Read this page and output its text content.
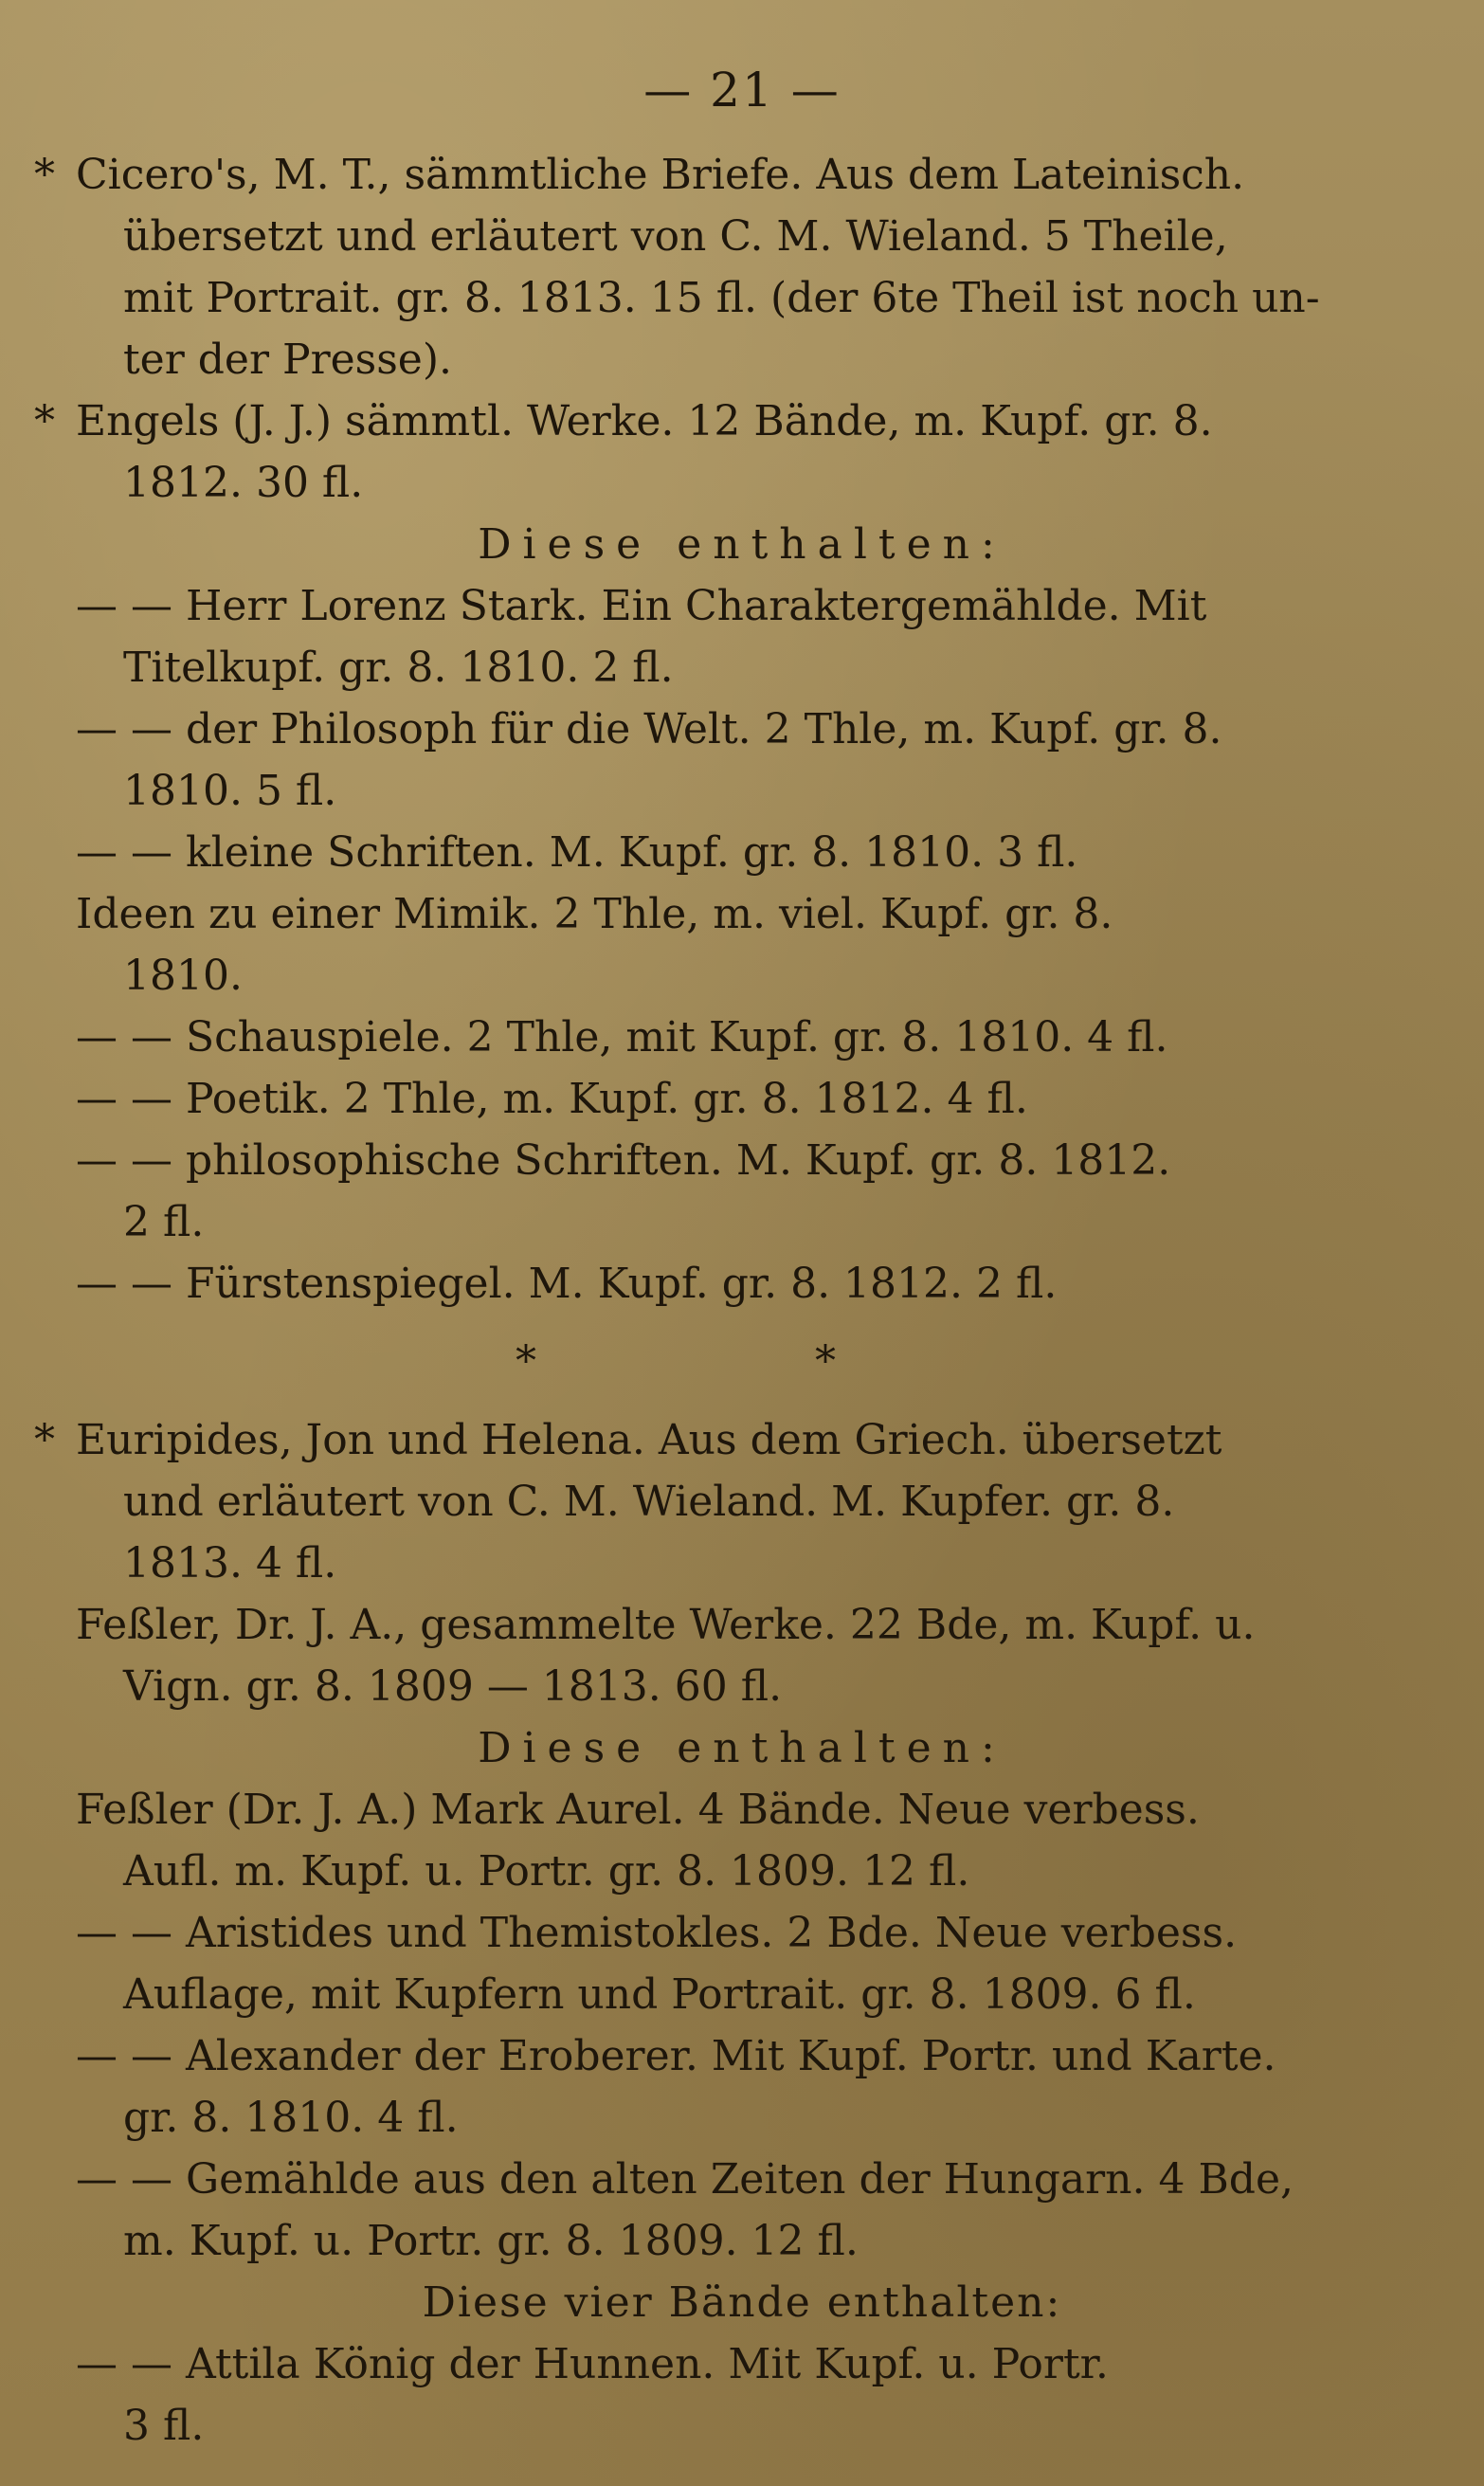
— 21 —
* Cicero's, M. T., sämmtliche Briefe. Aus dem Lateinisch.
übersetzt und erläutert von C. M. Wieland. 5 Theile,
mit Portrait. gr. 8. 1813. 15 fl. (der 6te Theil ist noch un-
ter der Presse).
* Engels (J. J.) sämmtl. Werke. 12 Bände, m. Kupf. gr. 8.
1812. 30 fl.
Diese enthalten:
— — Herr Lorenz Stark. Ein Charaktergemählde. Mit
Titelkupf. gr. 8. 1810. 2 fl.
— — der Philosoph für die Welt. 2 Thle, m. Kupf. gr. 8.
1810. 5 fl.
— — kleine Schriften. M. Kupf. gr. 8. 1810. 3 fl.
Ideen zu einer Mimik. 2 Thle, m. viel. Kupf. gr. 8.
1810.
— — Schauspiele. 2 Thle, mit Kupf. gr. 8. 1810. 4 fl.
— — Poetik. 2 Thle, m. Kupf. gr. 8. 1812. 4 fl.
— — philosophische Schriften. M. Kupf. gr. 8. 1812.
2 fl.
— — Fürstenspiegel. M. Kupf. gr. 8. 1812. 2 fl.
* *
* Euripides, Jon und Helena. Aus dem Griech. übersetzt
und erläutert von C. M. Wieland. M. Kupfer. gr. 8.
1813. 4 fl.
Feßler, Dr. J. A., gesammelte Werke. 22 Bde, m. Kupf. u.
Vign. gr. 8. 1809 — 1813. 60 fl.
Diese enthalten:
Feßler (Dr. J. A.) Mark Aurel. 4 Bände. Neue verbess.
Aufl. m. Kupf. u. Portr. gr. 8. 1809. 12 fl.
— — Aristides und Themistokles. 2 Bde. Neue verbess.
Auflage, mit Kupfern und Portrait. gr. 8. 1809. 6 fl.
— — Alexander der Eroberer. Mit Kupf. Portr. und Karte.
gr. 8. 1810. 4 fl.
— — Gemählde aus den alten Zeiten der Hungarn. 4 Bde,
m. Kupf. u. Portr. gr. 8. 1809. 12 fl.
Diese vier Bände enthalten:
— — Attila König der Hunnen. Mit Kupf. u. Portr.
3 fl.
